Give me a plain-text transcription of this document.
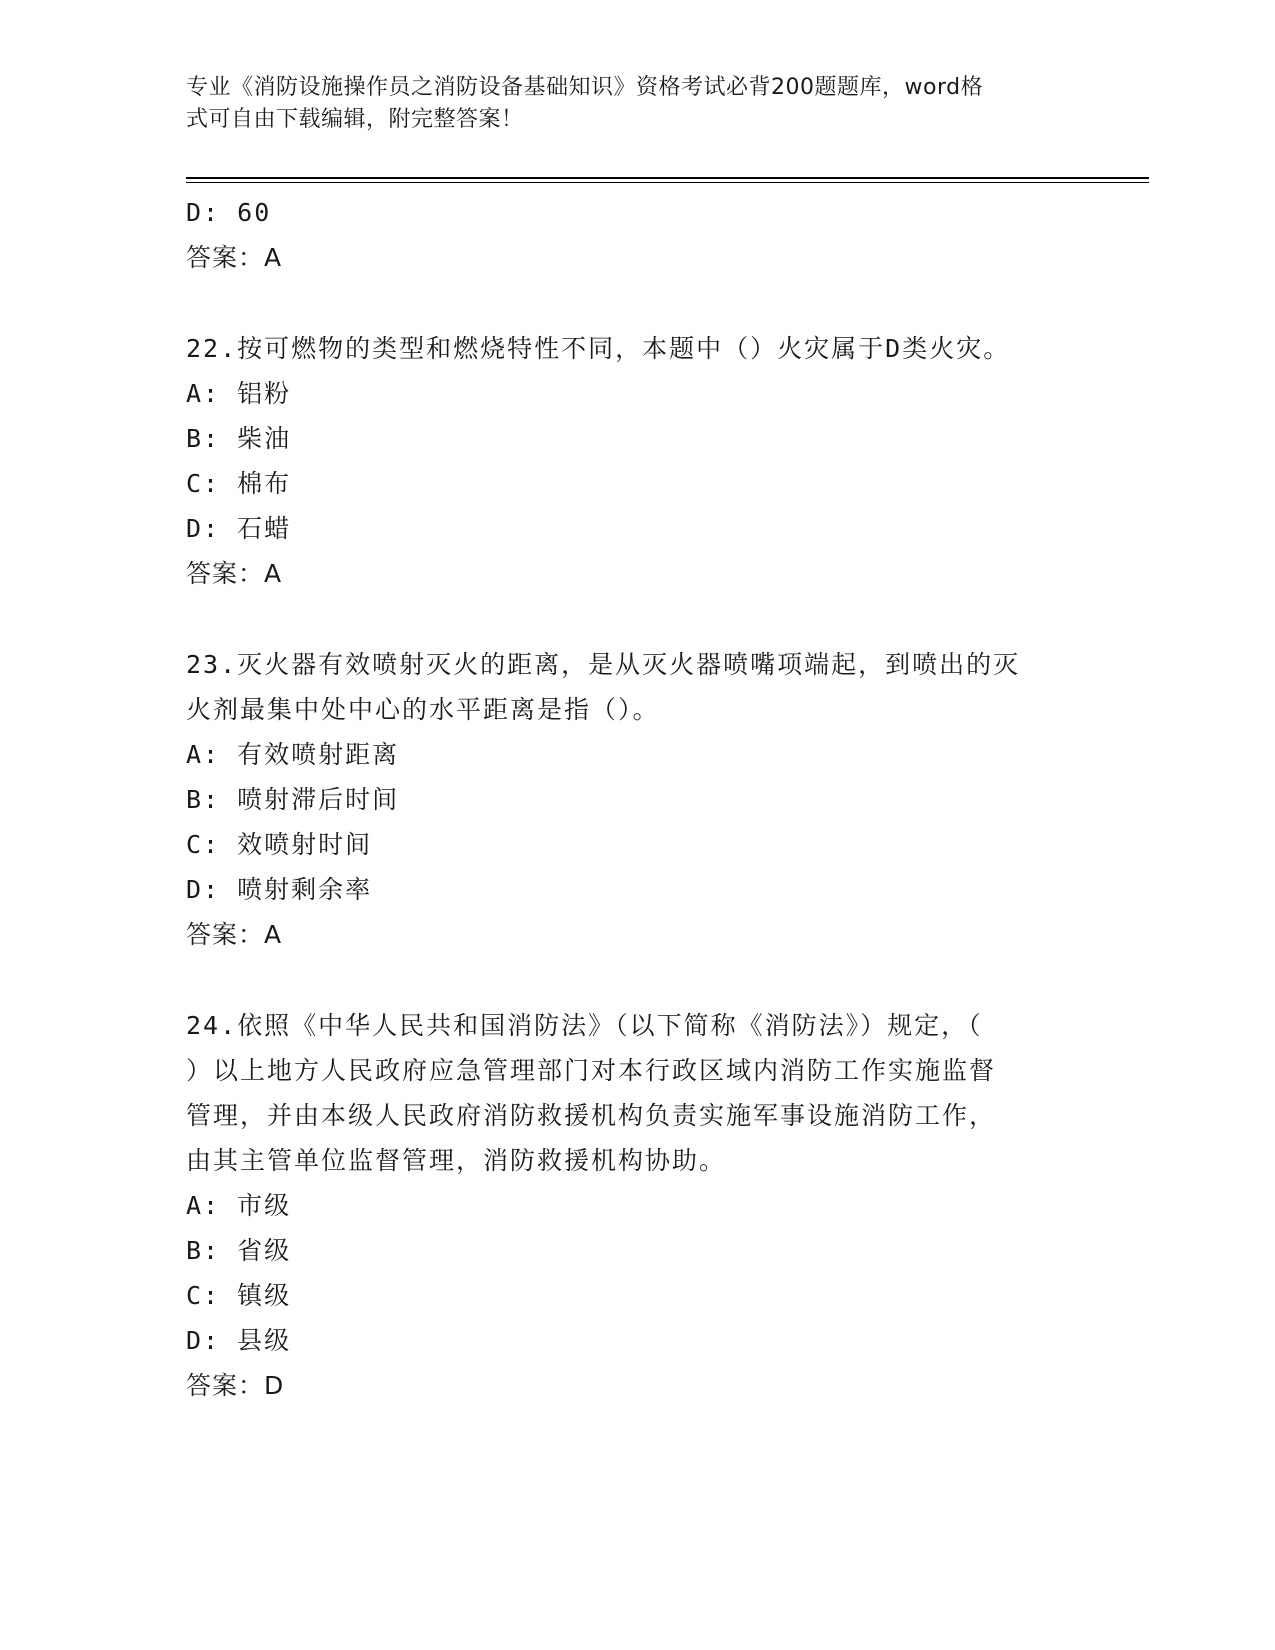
专业《消防设施操作员之消防设备基础知识》资格考试必背200题题库，word格
式可自由下载编辑，附完整答案！
D: 60
答案：A
22.按可燃物的类型和燃烧特性不同，本题中（）火灾属于D类火灾。
A: 铝粉
B: 柴油
C: 棉布
D: 石蜡
答案：A
23.灭火器有效喷射灭火的距离，是从灭火器喷嘴项端起，到喷出的灭
火剂最集中处中心的水平距离是指（）。
A: 有效喷射距离
B: 喷射滞后时间
C: 效喷射时间
D: 喷射剩余率
答案：A
24.依照《中华人民共和国消防法》（以下简称《消防法》）规定，（
）以上地方人民政府应急管理部门对本行政区域内消防工作实施监督
管理，并由本级人民政府消防救援机构负责实施军事设施消防工作，
由其主管单位监督管理，消防救援机构协助。
A: 市级
B: 省级
C: 镇级
D: 县级
答案：D
